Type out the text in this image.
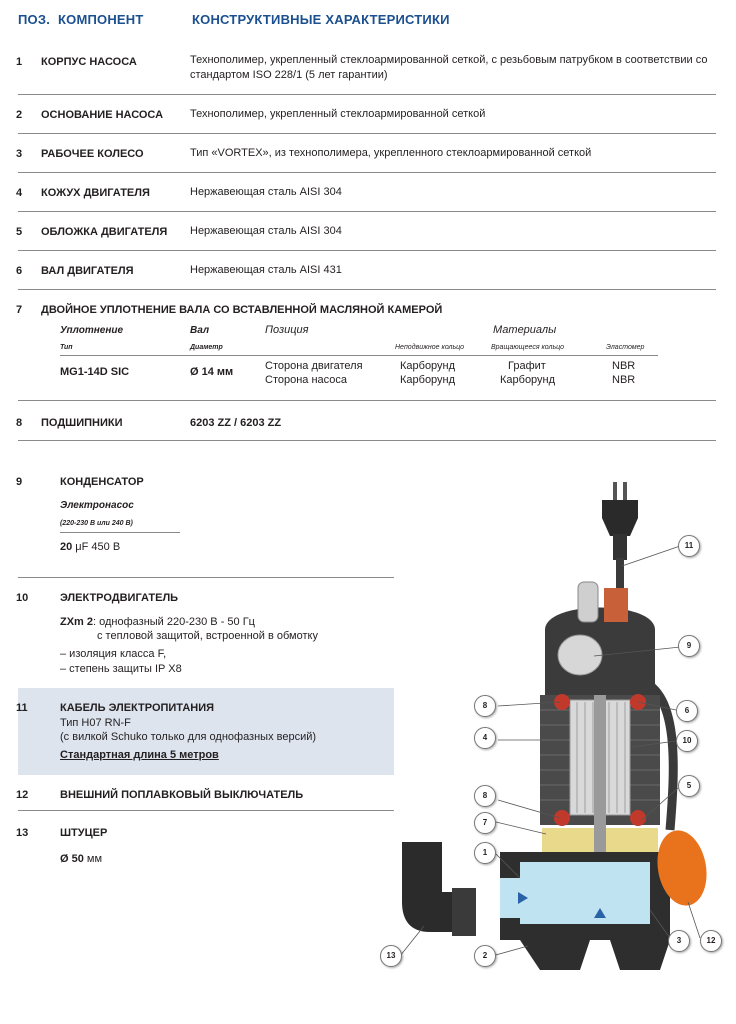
ПОЗ. КОМПОНЕНТ	КОНСТРУКТИВНЫЕ ХАРАКТЕРИСТИКИ
1 КОРПУС НАСОСА	Технополимер, укрепленный стеклоармированной сеткой, с резьбовым патрубком в соответствии со стандартом ISO 228/1 (5 лет гарантии)
2 ОСНОВАНИЕ НАСОСА Технополимер, укрепленный стеклоармированной сеткой
3 РАБОЧЕЕ КОЛЕСО	Тип «VORTEX», из технополимера, укрепленного стеклоармированной сеткой
4 КОЖУХ ДВИГАТЕЛЯ	Нержавеющая сталь AISI 304
5 ОБЛОЖКА ДВИГАТЕЛЯ Нержавеющая сталь AISI 304
6 ВАЛ ДВИГАТЕЛЯ	Нержавеющая сталь AISI 431
7 ДВОЙНОЕ УПЛОТНЕНИЕ ВАЛА СО ВСТАВЛЕННОЙ МАСЛЯНОЙ КАМЕРОЙ
Уплотнение	Вал	Позиция	Материалы
Тип	Диаметр	Неподвижное кольцо	Вращающееся кольцо	Эластомер
MG1-14D SIC	Ø 14 мм	Сторона двигателя	Карборунд	Графит	NBR
Сторона насоса	Карборунд	Карборунд	NBR
8 ПОДШИПНИКИ	6203 ZZ / 6203 ZZ
9	КОНДЕНСАТОР
Электронасос
(220-230 В или 240 В)
20 μF 450 В
10	ЭЛЕКТРОДВИГАТЕЛЬ
ZXm 2: однофазный 220-230 В - 50 Гц
с тепловой защитой, встроенной в обмотку
– изоляция класса F,
– степень защиты IP X8
11	КАБЕЛЬ ЭЛЕКТРОПИТАНИЯ
Тип H07 RN-F
(с вилкой Schuko только для однофазных версий)
Стандартная длина 5 метров
12	ВНЕШНИЙ ПОПЛАВКОВЫЙ ВЫКЛЮЧАТЕЛЬ
13	ШТУЦЕР
Ø 50 мм
11
9
8
6
4	10
8
5
7
1
3	12
13	2
